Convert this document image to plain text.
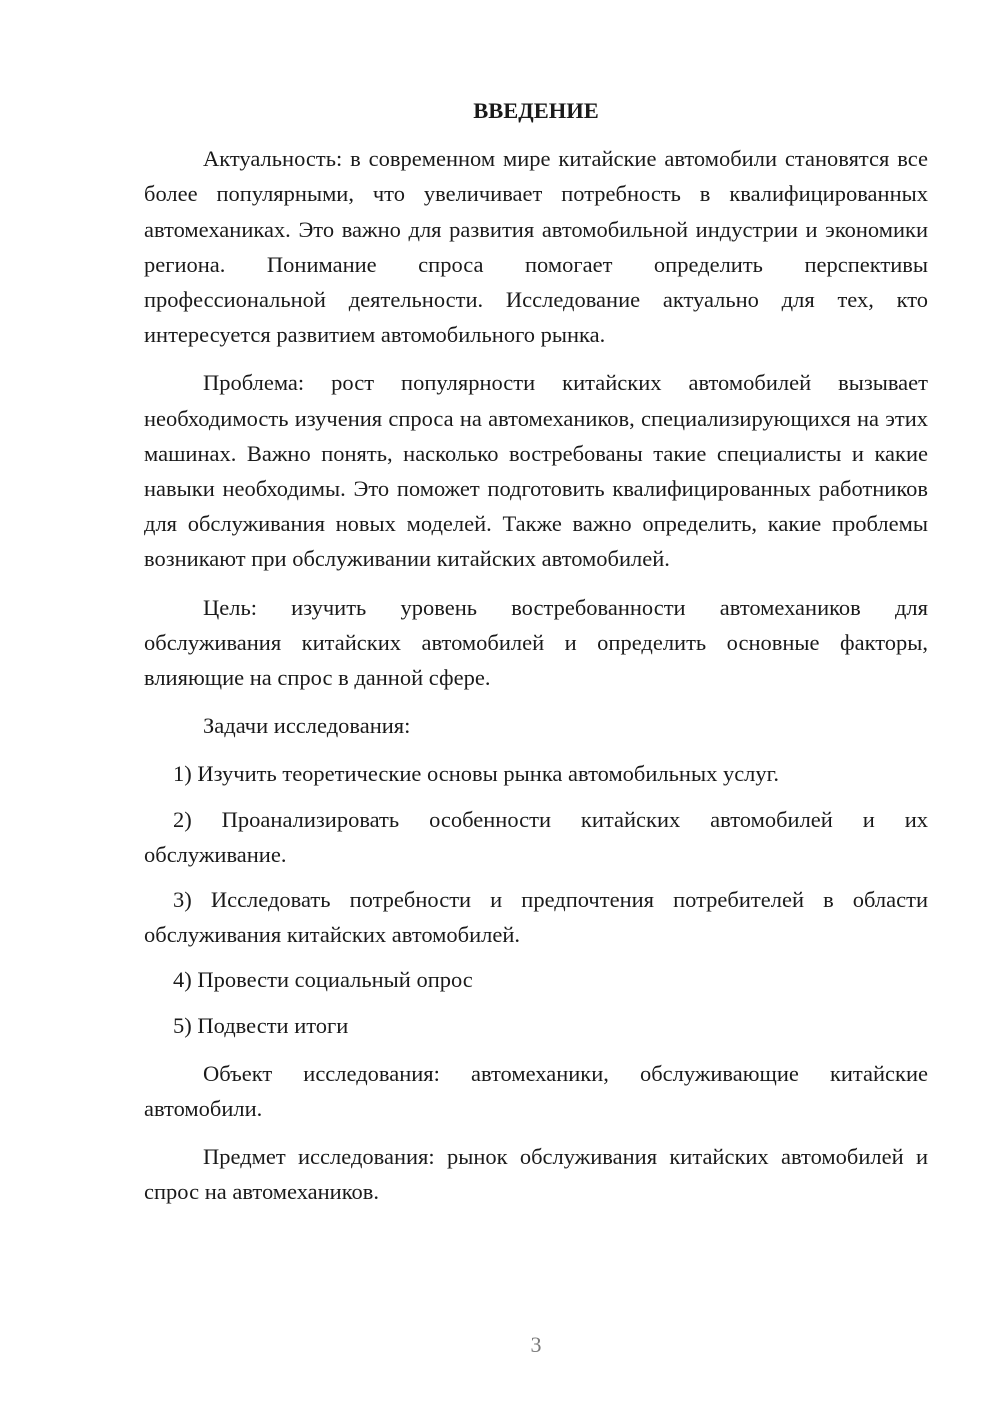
ВВЕДЕНИЕ

Актуальность: в современном мире китайские автомобили становятся все более популярными, что увеличивает потребность в квалифицированных автомеханиках. Это важно для развития автомобильной индустрии и экономики региона. Понимание спроса помогает определить перспективы профессиональной деятельности. Исследование актуально для тех, кто интересуется развитием автомобильного рынка.

Проблема: рост популярности китайских автомобилей вызывает необходимость изучения спроса на автомехаников, специализирующихся на этих машинах. Важно понять, насколько востребованы такие специалисты и какие навыки необходимы. Это поможет подготовить квалифицированных работников для обслуживания новых моделей. Также важно определить, какие проблемы возникают при обслуживании китайских автомобилей.

Цель: изучить уровень востребованности автомехаников для обслуживания китайских автомобилей и определить основные факторы, влияющие на спрос в данной сфере.

Задачи исследования:

1) Изучить теоретические основы рынка автомобильных услуг.

2) Проанализировать особенности китайских автомобилей и их обслуживание.

3) Исследовать потребности и предпочтения потребителей в области обслуживания китайских автомобилей.

4) Провести социальный опрос

5) Подвести итоги

Объект исследования: автомеханики, обслуживающие китайские автомобили.

Предмет исследования: рынок обслуживания китайских автомобилей и спрос на автомехаников.

3
